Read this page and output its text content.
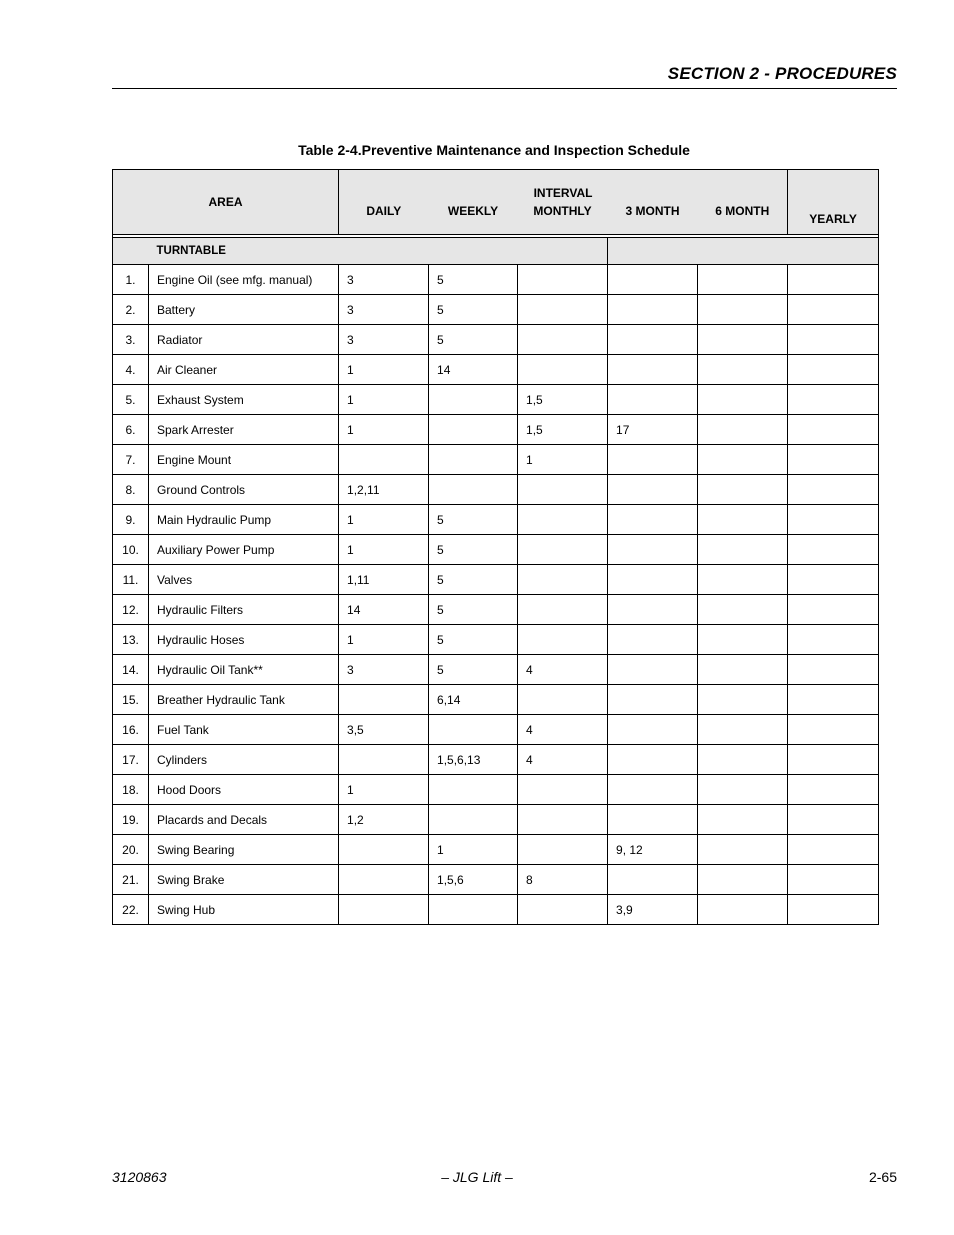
SECTION 2 - PROCEDURES
Table 2-4.Preventive Maintenance and Inspection Schedule
AREA		INTERVAL					YEARLY
		DAILY	WEEKLY	MONTHLY	3 MONTH	6 MONTH	

	TURNTABLE						
1.	Engine Oil (see mfg. manual)	3	5				
2.	Battery	3	5				
3.	Radiator	3	5				
4.	Air Cleaner	1	14				
5.	Exhaust System	1		1,5			
6.	Spark Arrester	1		1,5	17		
7.	Engine Mount			1			
8.	Ground Controls	1,2,11					
9.	Main Hydraulic Pump	1	5				
10.	Auxiliary Power Pump	1	5				
11.	Valves	1,11	5				
12.	Hydraulic Filters	14	5				
13.	Hydraulic Hoses	1	5				
14.	Hydraulic Oil Tank**	3	5	4			
15.	Breather Hydraulic Tank		6,14				
16.	Fuel Tank	3,5		4			
17.	Cylinders		1,5,6,13	4			
18.	Hood Doors	1					
19.	Placards and Decals	1,2					
20.	Swing Bearing		1		9, 12		
21.	Swing Brake		1,5,6	8			
22.	Swing Hub				3,9		
3120863	– JLG Lift –	2-65
